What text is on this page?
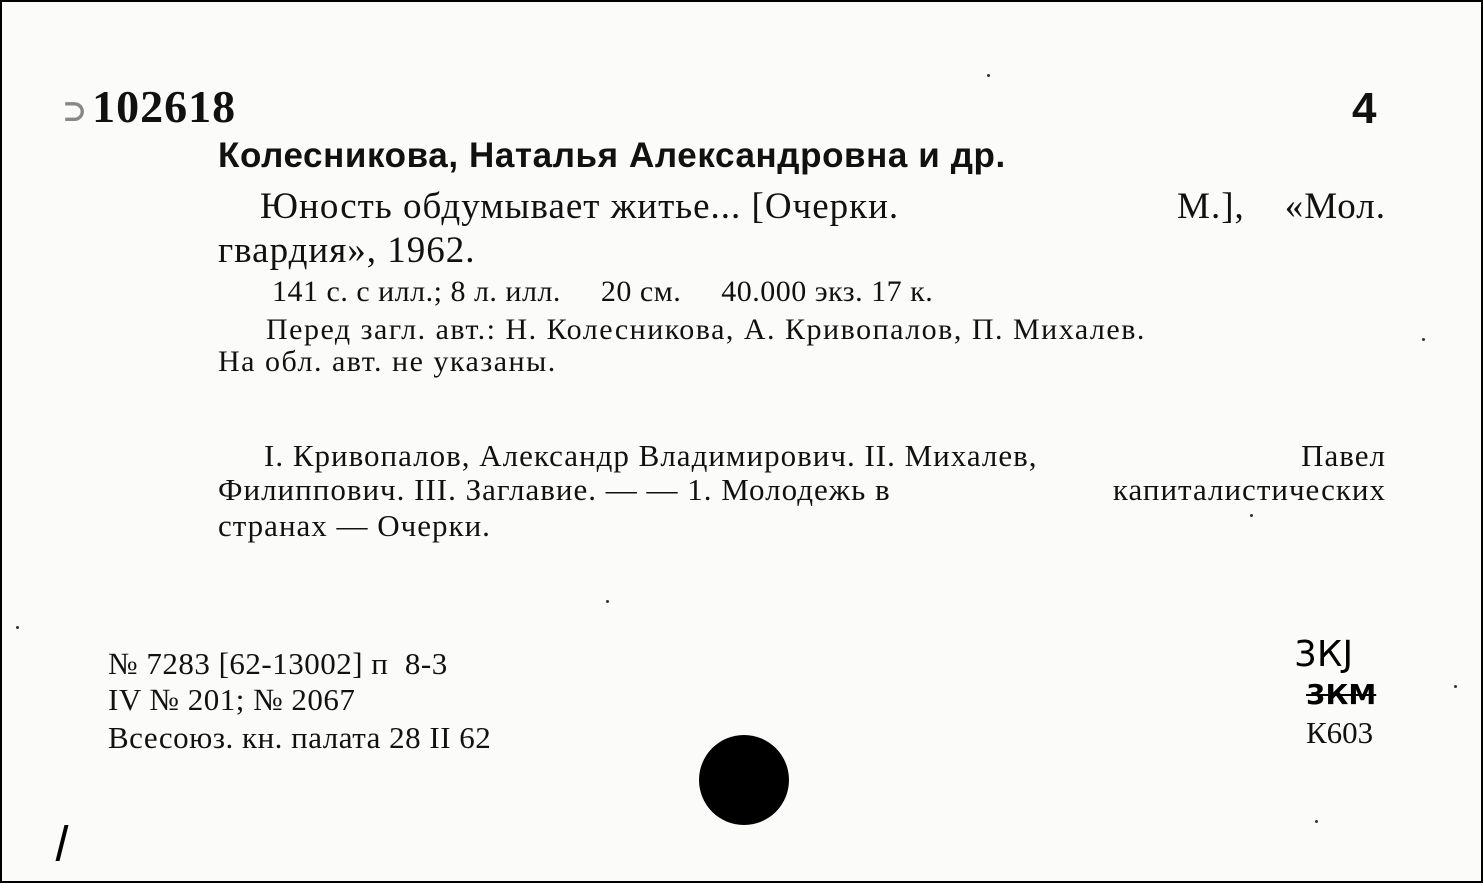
⊃102618	4
Колесникова, Наталья Александровна и др.
Юность обдумывает житье... [Очерки.	М.], «Мол.
гвардия», 1962.
141 с. с илл.; 8 л. илл.     20 см.     40.000 экз. 17 к.
Перед загл. авт.: Н. Колесникова, А. Кривопалов, П. Михалев.
На обл. авт. не указаны.
I. Кривопалов, Александр Владимирович. II. Михалев,	Павел
Филиппович. III. Заглавие. — — 1. Молодежь в	капиталистических
странах — Очерки.
№ 7283 [62-13002] п  8-3
IV № 201; № 2067
Всесоюз. кн. палата 28 II 62
3КЈ
3КМ
К603
